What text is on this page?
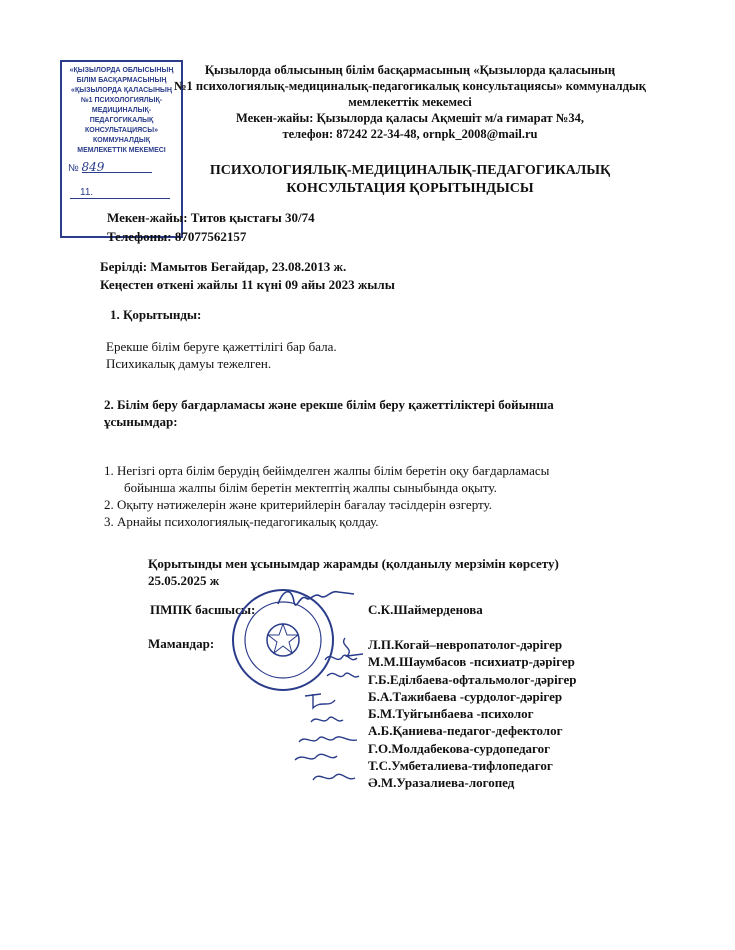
«ҚЫЗЫЛОРДА ОБЛЫСЫНЫҢ
БІЛІМ БАСҚАРМАСЫНЫҢ
«ҚЫЗЫЛОРДА ҚАЛАСЫНЫҢ
№1 ПСИХОЛОГИЯЛЫҚ-
МЕДИЦИНАЛЫҚ-
ПЕДАГОГИКАЛЫҚ
КОНСУЛЬТАЦИЯСЫ»
КОММУНАЛДЫҚ
МЕМЛЕКЕТТІК МЕКЕМЕСІ
№ 849
11.
Қызылорда облысының білім басқармасының «Қызылорда қаласының
№1 психологиялық-медициналық-педагогикалық консультациясы» коммуналдық
мемлекеттік мекемесі
Мекен-жайы: Қызылорда қаласы Ақмешіт м/а ғимарат №34,
телефон: 87242 22-34-48, ornpk_2008@mail.ru
ПСИХОЛОГИЯЛЫҚ-МЕДИЦИНАЛЫҚ-ПЕДАГОГИКАЛЫҚ
КОНСУЛЬТАЦИЯ ҚОРЫТЫНДЫСЫ
Мекен-жайы: Титов қыстағы 30/74
Телефоны: 87077562157
Берілді: Мамытов Бегайдар, 23.08.2013 ж.
Кеңестен өткені жайлы 11 күні 09 айы 2023 жылы
1. Қорытынды:
Ерекше білім беруге қажеттілігі бар бала.
Психикалық дамуы тежелген.
2. Білім беру бағдарламасы және ерекше білім беру қажеттіліктері бойынша
ұсынымдар:
1. Негізгі орта білім берудің бейімделген жалпы білім беретін оқу бағдарламасы
бойынша жалпы білім беретін мектептің жалпы сыныбында оқыту.
2. Оқыту нәтижелерін және критерийлерін бағалау тәсілдерін өзгерту.
3. Арнайы психологиялық-педагогикалық қолдау.
Қорытынды мен ұсынымдар жарамды (қолданылу мерзімін көрсету)
25.05.2025 ж
ПМПК басшысы:	С.К.Шаймерденова
Мамандар:	Л.П.Когай–невропатолог-дәрігер
М.М.Шаумбасов -психиатр-дәрігер
Г.Б.Еділбаева-офтальмолог-дәрігер
Б.А.Тажибаева -сурдолог-дәрігер
Б.М.Туйгынбаева -психолог
А.Б.Қаниева-педагог-дефектолог
Г.О.Молдабекова-сурдопедагог
Т.С.Умбеталиева-тифлопедагог
Ә.М.Уразалиева-логопед
